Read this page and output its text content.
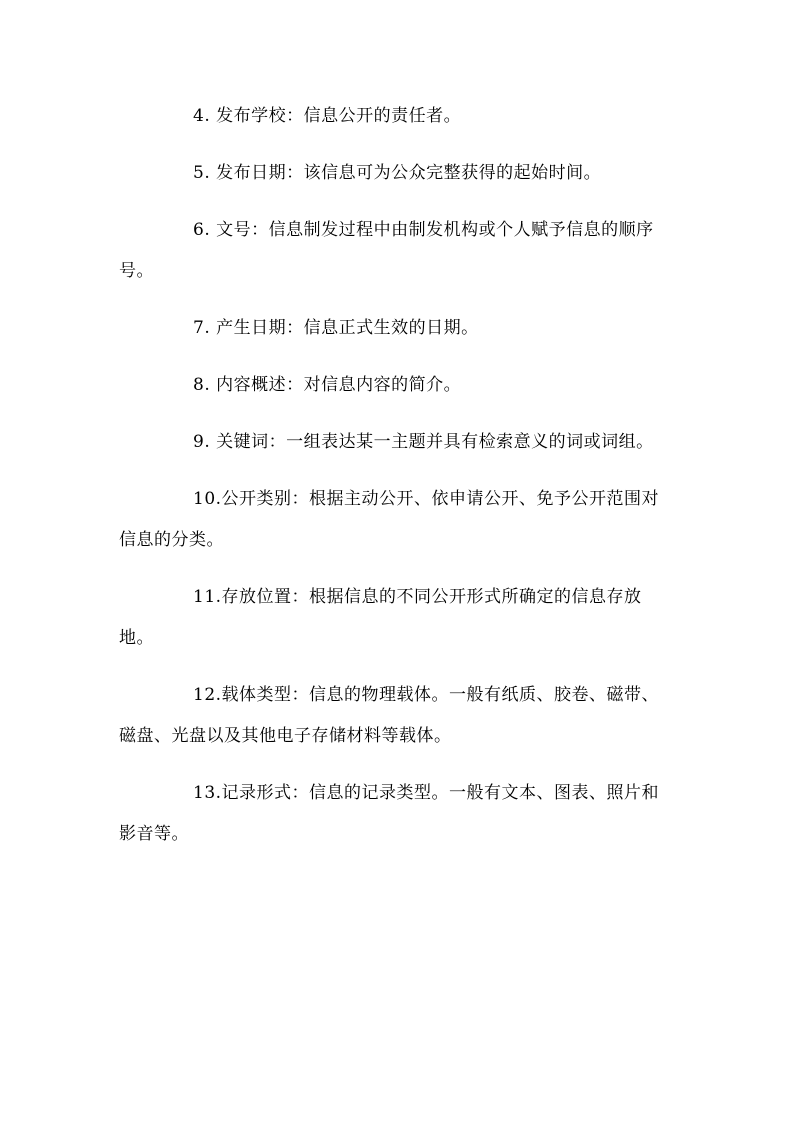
4. 发布学校：信息公开的责任者。

5. 发布日期：该信息可为公众完整获得的起始时间。

6. 文号：信息制发过程中由制发机构或个人赋予信息的顺序号。

7. 产生日期：信息正式生效的日期。

8. 内容概述：对信息内容的简介。

9. 关键词：一组表达某一主题并具有检索意义的词或词组。

10.公开类别：根据主动公开、依申请公开、免予公开范围对信息的分类。

11.存放位置：根据信息的不同公开形式所确定的信息存放地。

12.载体类型：信息的物理载体。一般有纸质、胶卷、磁带、磁盘、光盘以及其他电子存储材料等载体。

13.记录形式：信息的记录类型。一般有文本、图表、照片和影音等。
